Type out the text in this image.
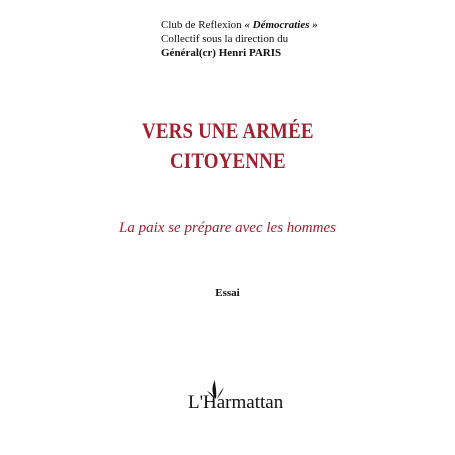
Club de Reflexion « Démocraties »
Collectif sous la direction du
Général(cr) Henri PARIS
VERS UNE ARMÉE
CITOYENNE
La paix se prépare avec les hommes
Essai
L'Harmattan
